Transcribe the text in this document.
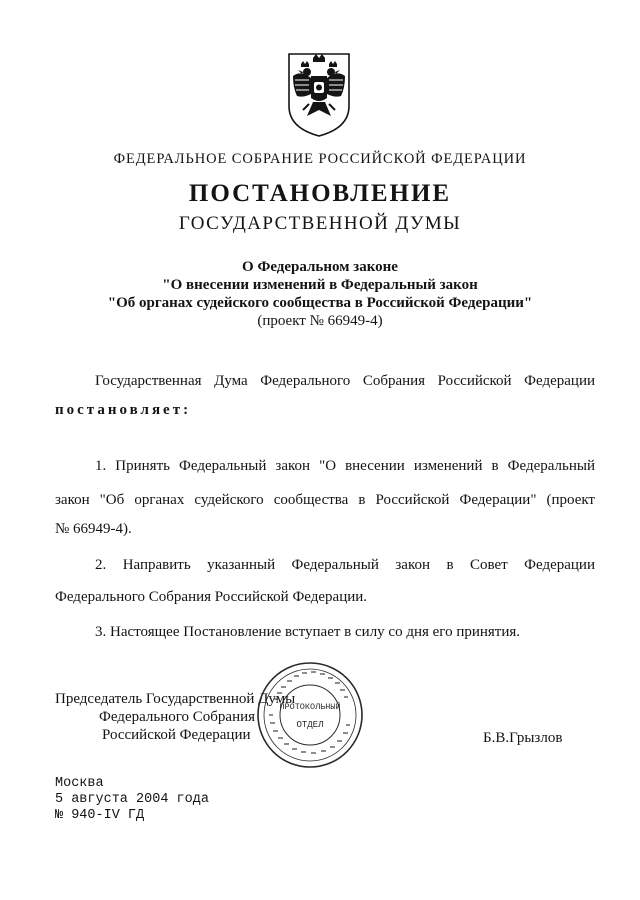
ФЕДЕРАЛЬНОЕ СОБРАНИЕ РОССИЙСКОЙ ФЕДЕРАЦИИ
ПОСТАНОВЛЕНИЕ
ГОСУДАРСТВЕННОЙ ДУМЫ
О Федеральном законе
"О внесении изменений в Федеральный закон
"Об органах судейского сообщества в Российской Федерации"
(проект № 66949-4)
Государственная Дума Федерального Собрания Российской Федерации
постановляет:
1. Принять Федеральный закон "О внесении изменений в Федеральный
закон "Об органах судейского сообщества в Российской Федерации" (проект
№ 66949-4).
2. Направить указанный Федеральный закон в Совет Федерации
Федерального Собрания Российской Федерации.
3. Настоящее Постановление вступает в силу со дня его принятия.
Председатель Государственной Думы
Федерального Собрания
Российской Федерации
ПРОТОКОЛЬНЫЙ
ОТДЕЛ
Б.В.Грызлов
Москва
5 августа 2004 года
№ 940-IV ГД
